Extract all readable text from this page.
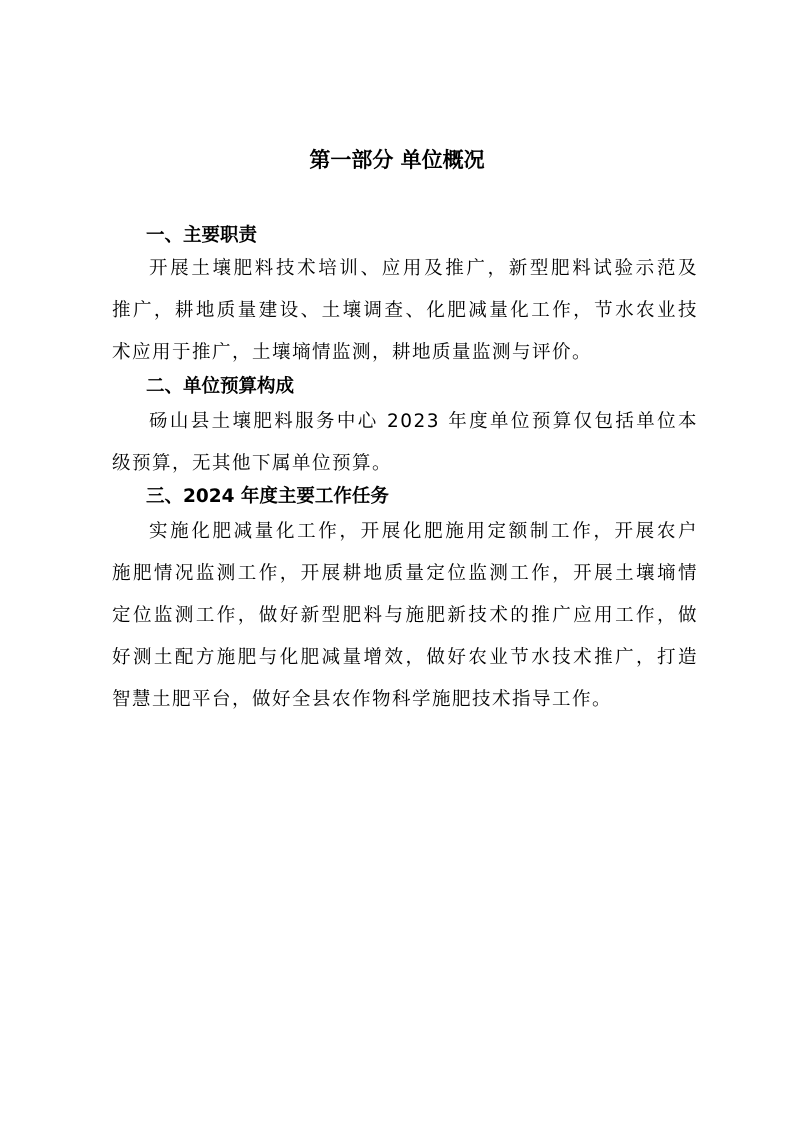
第一部分 单位概况
一、主要职责
开展土壤肥料技术培训、应用及推广，新型肥料试验示范及
推广，耕地质量建设、土壤调查、化肥减量化工作，节水农业技
术应用于推广，土壤墒情监测，耕地质量监测与评价。
二、单位预算构成
砀山县土壤肥料服务中心 2023 年度单位预算仅包括单位本
级预算，无其他下属单位预算。
三、2024 年度主要工作任务
实施化肥减量化工作，开展化肥施用定额制工作，开展农户
施肥情况监测工作，开展耕地质量定位监测工作，开展土壤墒情
定位监测工作，做好新型肥料与施肥新技术的推广应用工作，做
好测土配方施肥与化肥减量增效，做好农业节水技术推广，打造
智慧土肥平台，做好全县农作物科学施肥技术指导工作。
